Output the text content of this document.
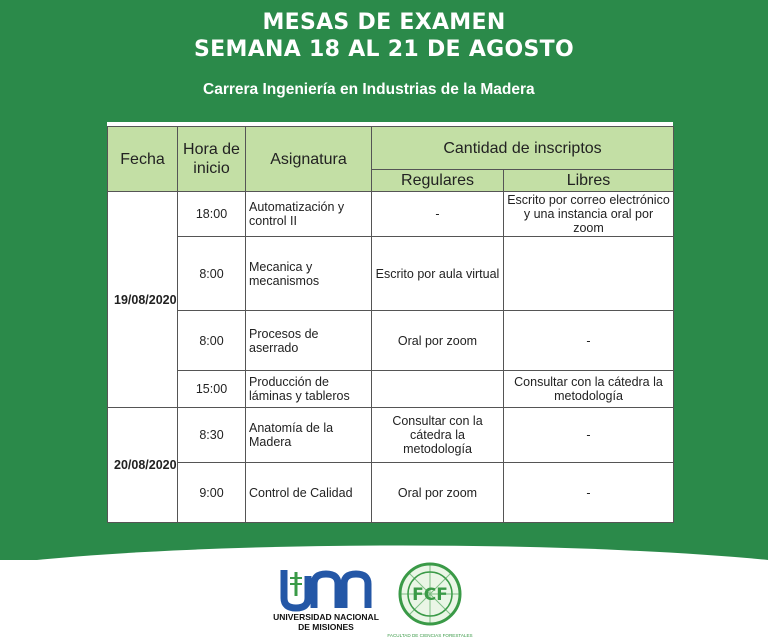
MESAS DE EXAMEN
SEMANA 18 AL 21 DE AGOSTO
Carrera Ingeniería en Industrias de la Madera
Fecha	Hora de inicio	Asignatura	Cantidad de inscriptos	
			Regulares	Libres
19/08/2020	18:00	Automatización y control II	-	Escrito por correo electrónico y una instancia oral por zoom
	8:00	Mecanica y mecanismos	Escrito por aula virtual	
	8:00	Procesos de aserrado	Oral por zoom	-
	15:00	Producción de láminas y tableros		Consultar con la cátedra la metodología
20/08/2020	8:30	Anatomía de la Madera	Consultar con la cátedra la metodología	-
	9:00	Control de Calidad	Oral por zoom	-
UNIVERSIDAD NACIONAL
DE MISIONES
FCF
FACULTAD DE CIENCIAS FORESTALES
